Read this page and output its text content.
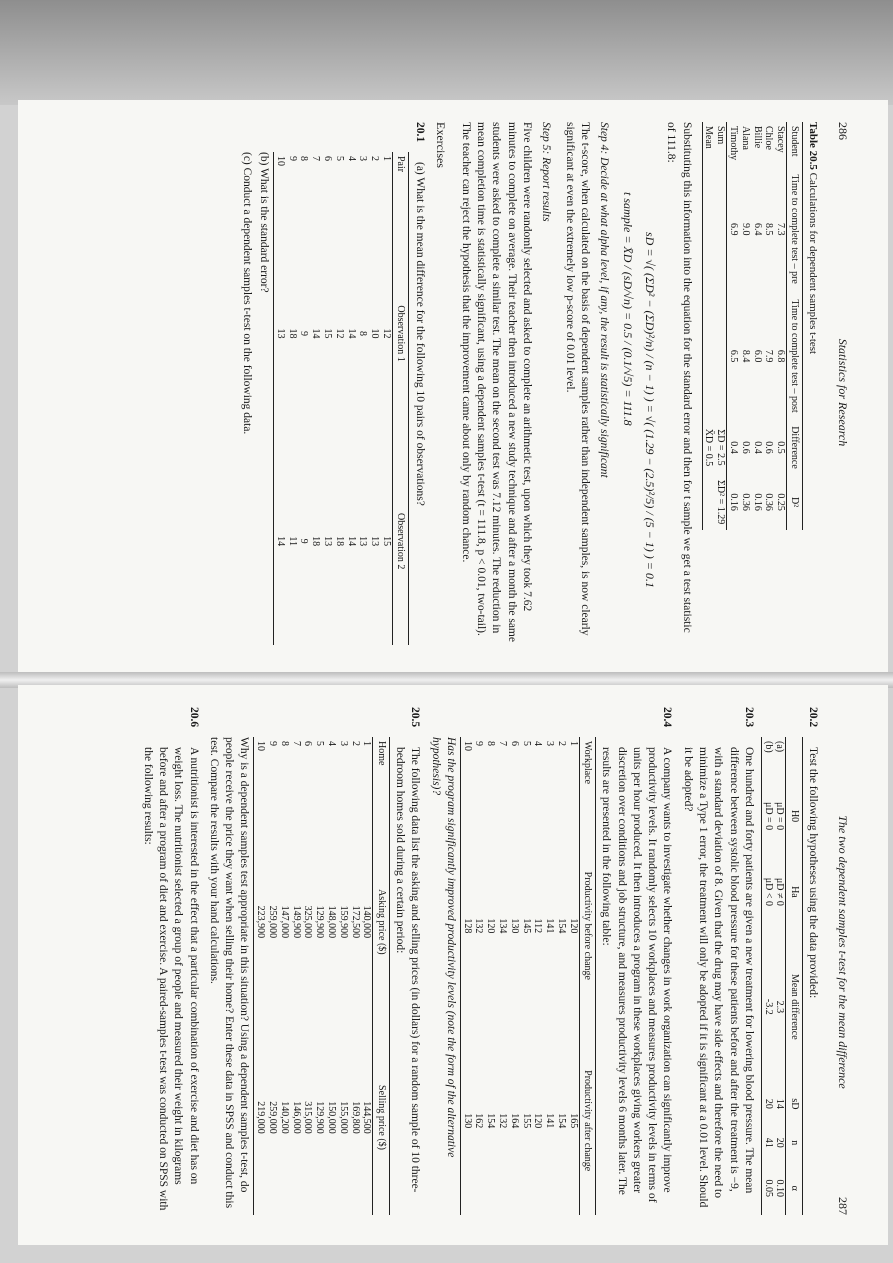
286
Statistics for Research
Table 20.5 Calculations for dependent samples t-test
Student	Time to complete test – pre	Time to complete test – post	Difference	D²
Stacey	7.3	6.8	0.5	0.25
Chloe	8.5	7.9	0.6	0.36
Billie	6.4	6.0	0.4	0.16
Alana	9.0	8.4	0.6	0.36
Timothy	6.9	6.5	0.4	0.16
Sum			ΣD = 2.5	ΣD² = 1.29
Mean			X̄D = 0.5	

Substituting this information into the equation for the standard error and then for t sample we get a test statistic of 111.8:

sD = √( (ΣD² − (ΣD)²/n) / (n − 1) ) = √( (1.29 − (2.5)²/5) / (5 − 1) ) = 0.1
t sample = X̄D / (sD/√n) = 0.5 / (0.1/√5) = 111.8
Step 4: Decide at what alpha level, if any, the result is statistically significant

The t-score, when calculated on the basis of dependent samples rather than independent samples, is now clearly significant at even the extremely low p-score of 0.01 level.

Step 5: Report results

Five children were randomly selected and asked to complete an arithmetic test, upon which they took 7.62 minutes to complete on average. Their teacher then introduced a new study technique and after a month the same students were asked to complete a similar test. The mean on the second test was 7.12 minutes. The reduction in mean completion time is statistically significant, using a dependent samples t-test (t = 111.8, p < 0.01, two-tail). The teacher can reject the hypothesis that the improvement came about only by random chance.

Exercises
20.1
(a) What is the mean difference for the following 10 pairs of observations?
Pair	Observation 1	Observation 2
1	12	15
2	10	13
3	8	13
4	14	14
5	12	18
6	15	13
7	14	18
8	9	9
9	18	11
10	13	14
(b) What is the standard error?
(c) Conduct a dependent samples t-test on the following data.
The two dependent samples t-test for the mean difference
287
20.2
Test the following hypotheses using the data provided:
	H0	Ha	Mean difference	sD	n	α
(a)	μD = 0	μD ≠ 0	2.3	14	20	0.10
(b)	μD = 0	μD < 0	-3.2	20	41	0.05
20.3
One hundred and forty patients are given a new treatment for lowering blood pressure. The mean difference between systolic blood pressure for these patients before and after the treatment is −9, with a standard deviation of 8. Given that the drug may have side effects and therefore the need to minimize a Type 1 error, the treatment will only be adopted if it is significant at a 0.01 level. Should it be adopted?
20.4
A company wants to investigate whether changes in work organization can significantly improve productivity levels. It randomly selects 10 workplaces and measures productivity levels in terms of units per hour produced. It then introduces a program in these workplaces giving workers greater discretion over conditions and job structure, and measures productivity levels 6 months later. The results are presented in the following table:
Workplace	Productivity before change	Productivity after change
1	120	165
2	154	154
3	141	141
4	112	120
5	145	155
6	130	164
7	134	132
8	120	154
9	132	162
10	128	130
Has the program significantly improved productivity levels (note the form of the alternative hypothesis)?
20.5
The following data list the asking and selling prices (in dollars) for a random sample of 10 three-bedroom homes sold during a certain period:
Home	Asking price ($)	Selling price ($)
1	140,000	144,500
2	172,500	169,800
3	159,900	155,000
4	148,000	150,000
5	129,900	129,900
6	325,000	315,000
7	149,900	146,000
8	147,000	140,200
9	259,000	259,000
10	223,900	219,000
Why is a dependent samples test appropriate in this situation? Using a dependent samples t-test, do people receive the price they want when selling their home? Enter these data in SPSS and conduct this test. Compare the results with your hand calculations.
20.6
A nutritionist is interested in the effect that a particular combination of exercise and diet has on weight loss. The nutritionist selected a group of people and measured their weight in kilograms before and after a program of diet and exercise. A paired-samples t-test was conducted on SPSS with the following results:
